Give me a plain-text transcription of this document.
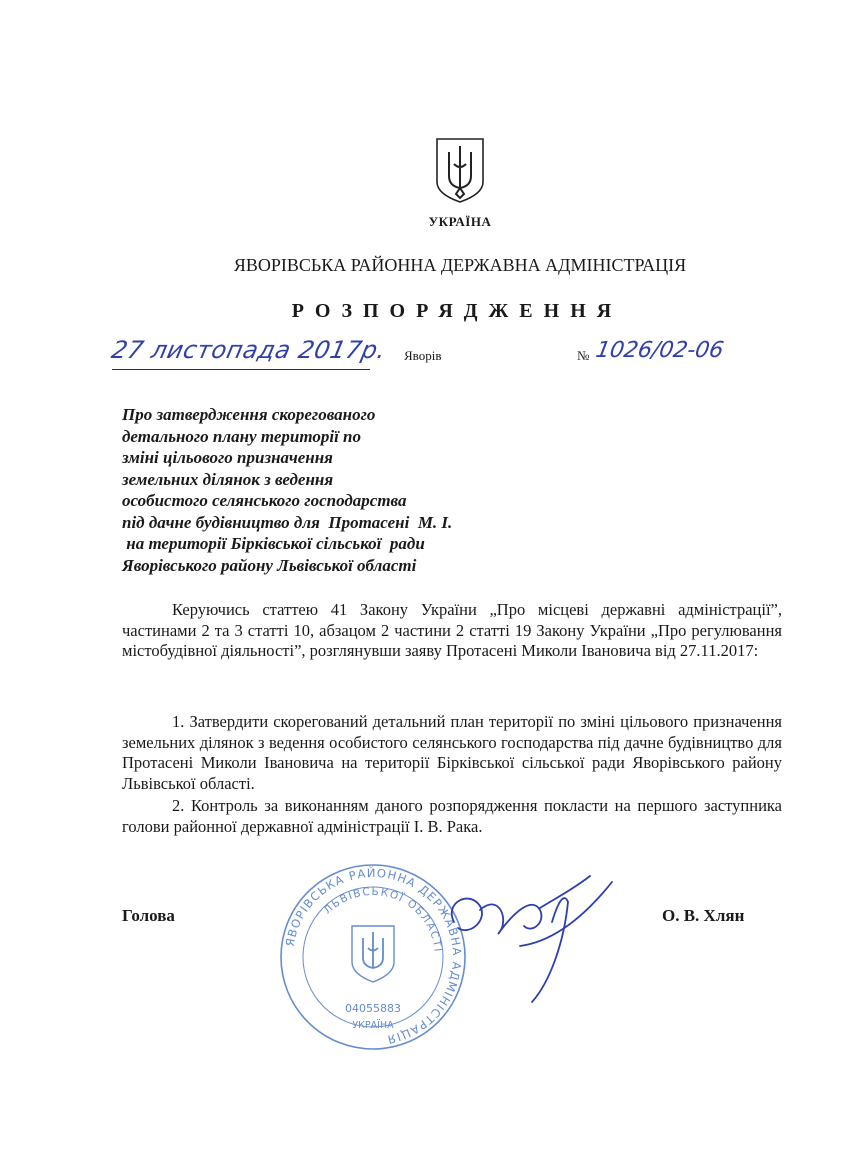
УКРАЇНА
ЯВОРІВСЬКА РАЙОННА ДЕРЖАВНА АДМІНІСТРАЦІЯ
РОЗПОРЯДЖЕННЯ
27 листопада 2017р. Яворів	№ 1026/02-06
Про затвердження скорегованого
детального плану території по
зміні цільового призначення
земельних ділянок з ведення
особистого селянського господарства
під дачне будівництво для  Протасені  М. І.
на території Бірківської сільської  ради
Яворівського району Львівської області
Керуючись статтею 41 Закону України „Про місцеві державні адміністрації”, частинами 2 та 3 статті 10, абзацом 2 частини 2 статті 19 Закону України „Про регулювання містобудівної діяльності”, розглянувши заяву Протасені Миколи Івановича від 27.11.2017:
1. Затвердити скорегований детальний план території по зміні цільового призначення земельних ділянок з ведення особистого селянського господарства під дачне будівництво для Протасені Миколи Івановича на території Бірківської сільської ради Яворівського району Львівської області.
2. Контроль за виконанням даного розпорядження покласти на першого заступника голови районної державної адміністрації І. В. Рака.
Голова	О. В. Хлян
ЯВОРІВСЬКА РАЙОННА ДЕРЖАВНА АДМІНІСТРАЦІЯ
ЛЬВІВСЬКОЇ ОБЛАСТІ
04055883
УКРАЇНА
